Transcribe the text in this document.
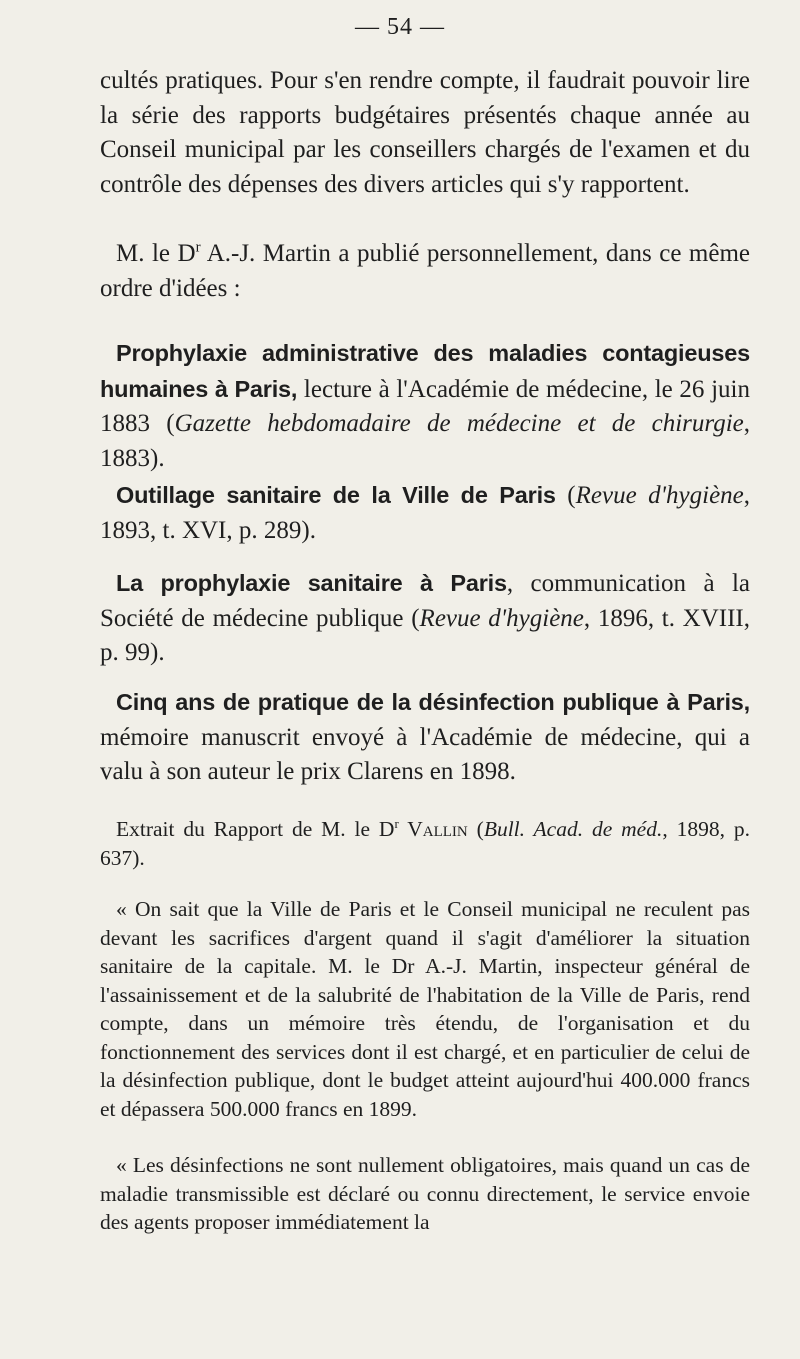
— 54 —

cultés pratiques. Pour s'en rendre compte, il faudrait pouvoir lire la série des rapports budgétaires présentés chaque année au Conseil municipal par les conseillers chargés de l'examen et du contrôle des dépenses des divers articles qui s'y rapportent.

M. le $D^r$ A.-J. Martin a publié personnellement, dans ce même ordre d'idées :

Prophylaxie administrative des maladies contagieuses humaines à Paris, lecture à l'Académie de médecine, le 26 juin 1883 (Gazette hebdomadaire de médecine et de chirurgie, 1883).

Outillage sanitaire de la Ville de Paris (Revue d'hygiène, 1893, t. XVI, p. 289).

La prophylaxie sanitaire à Paris, communication à la Société de médecine publique (Revue d'hygiène, 1896, t. XVIII, p. 99).

Cinq ans de pratique de la désinfection publique à Paris, mémoire manuscrit envoyé à l'Académie de médecine, qui a valu à son auteur le prix Clarens en 1898.

Extrait du Rapport de M. le $D^r$ Vallin (Bull. Acad. de méd., 1898, p. 637).

« On sait que la Ville de Paris et le Conseil municipal ne reculent pas devant les sacrifices d'argent quand il s'agit d'améliorer la situation sanitaire de la capitale. M. le Dr A.-J. Martin, inspecteur général de l'assainissement et de la salubrité de l'habitation de la Ville de Paris, rend compte, dans un mémoire très étendu, de l'organisation et du fonctionnement des services dont il est chargé, et en particulier de celui de la désinfection publique, dont le budget atteint aujourd'hui 400.000 francs et dépassera 500.000 francs en 1899.

« Les désinfections ne sont nullement obligatoires, mais quand un cas de maladie transmissible est déclaré ou connu directement, le service envoie des agents proposer immédiatement la
